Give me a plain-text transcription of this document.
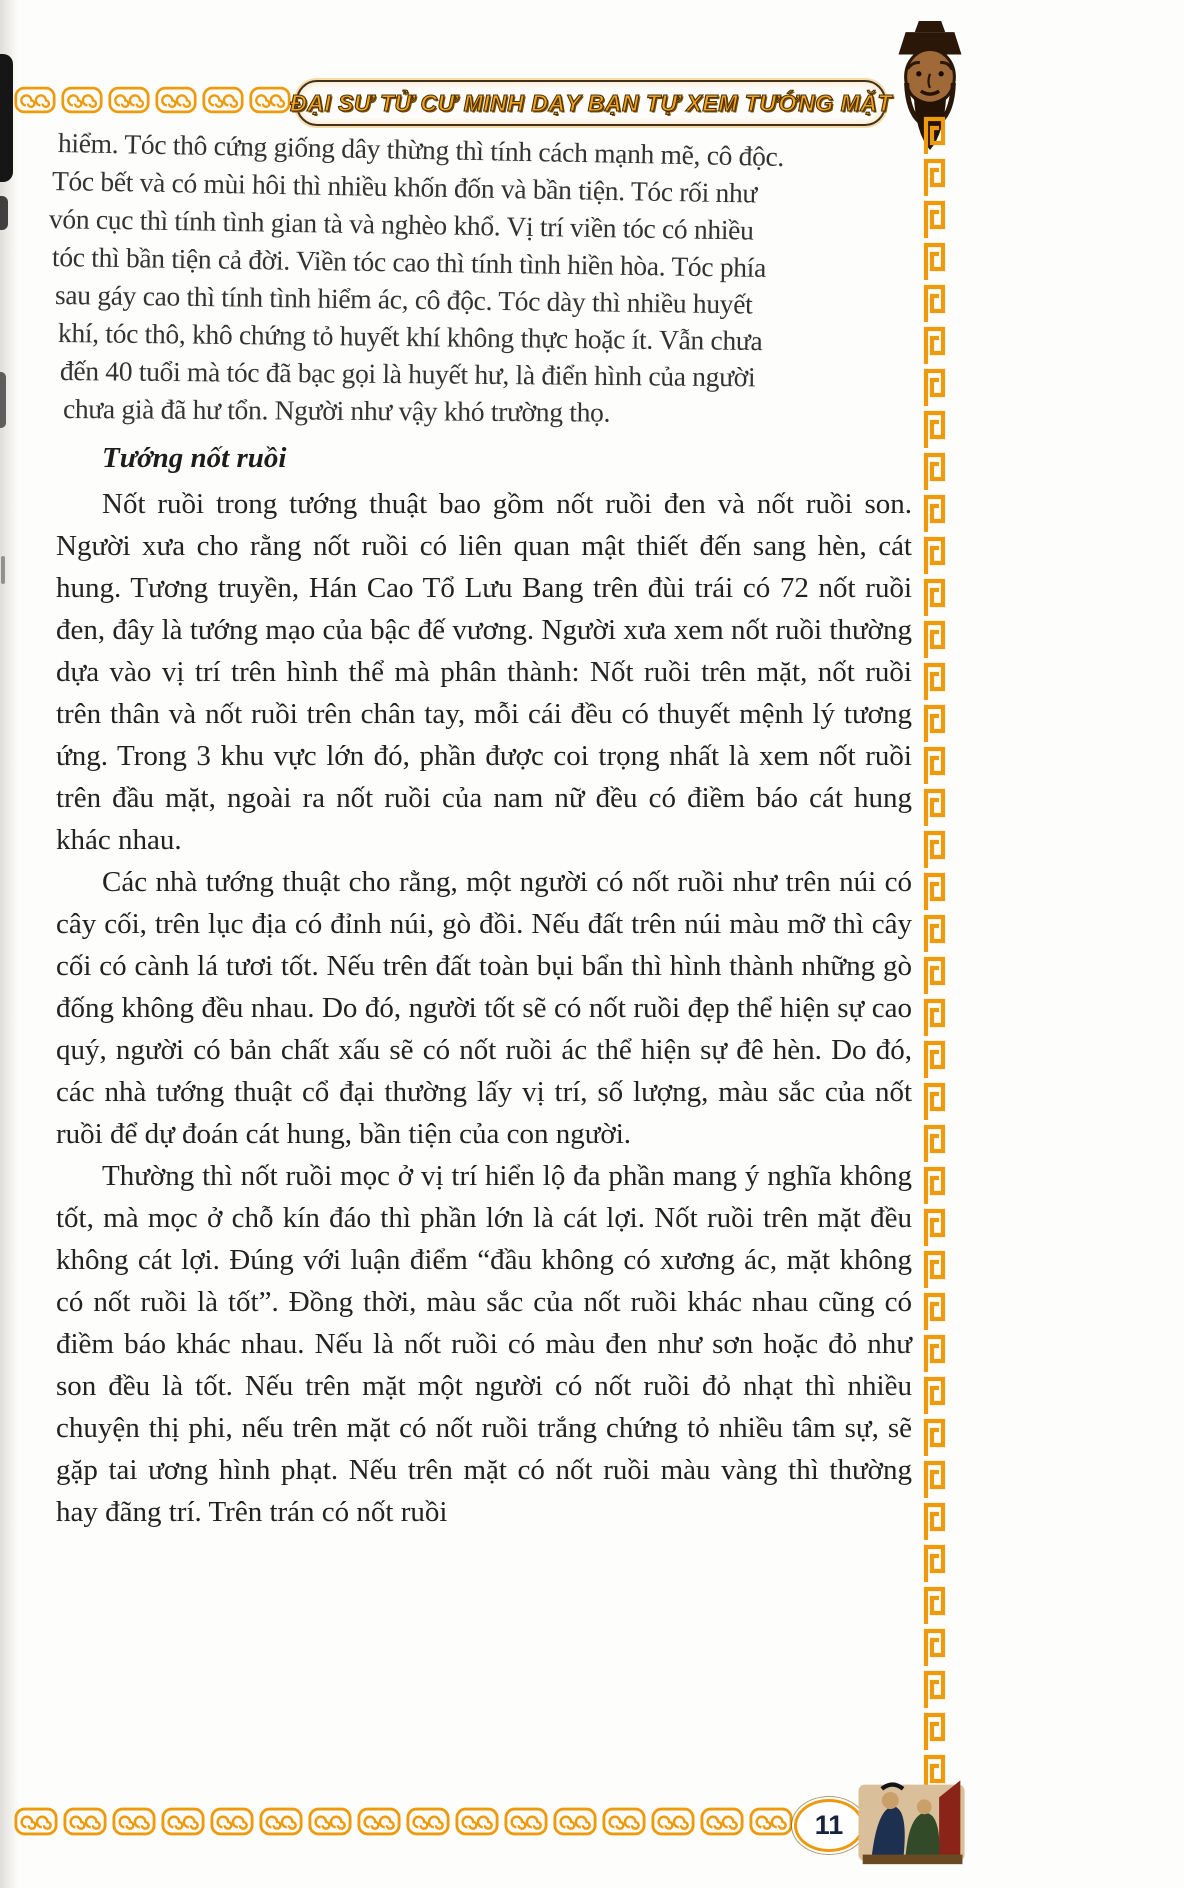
ĐẠI SƯ TỬ CƯ MINH DẠY BẠN TỰ XEM TƯỚNG MẶT
hiểm. Tóc thô cứng giống dây thừng thì tính cách mạnh mẽ, cô độc.
Tóc bết và có mùi hôi thì nhiều khốn đốn và bần tiện. Tóc rối như
vón cục thì tính tình gian tà và nghèo khổ. Vị trí viền tóc có nhiều
tóc thì bần tiện cả đời. Viền tóc cao thì tính tình hiền hòa. Tóc phía
sau gáy cao thì tính tình hiểm ác, cô độc. Tóc dày thì nhiều huyết
khí, tóc thô, khô chứng tỏ huyết khí không thực hoặc ít. Vẫn chưa
đến 40 tuổi mà tóc đã bạc gọi là huyết hư, là điển hình của người
chưa già đã hư tổn. Người như vậy khó trường thọ.
Tướng nốt ruồi

Nốt ruồi trong tướng thuật bao gồm nốt ruồi đen và nốt ruồi son. Người xưa cho rằng nốt ruồi có liên quan mật thiết đến sang hèn, cát hung. Tương truyền, Hán Cao Tổ Lưu Bang trên đùi trái có 72 nốt ruồi đen, đây là tướng mạo của bậc đế vương. Người xưa xem nốt ruồi thường dựa vào vị trí trên hình thể mà phân thành: Nốt ruồi trên mặt, nốt ruồi trên thân và nốt ruồi trên chân tay, mỗi cái đều có thuyết mệnh lý tương ứng. Trong 3 khu vực lớn đó, phần được coi trọng nhất là xem nốt ruồi trên đầu mặt, ngoài ra nốt ruồi của nam nữ đều có điềm báo cát hung khác nhau.

Các nhà tướng thuật cho rằng, một người có nốt ruồi như trên núi có cây cối, trên lục địa có đỉnh núi, gò đồi. Nếu đất trên núi màu mỡ thì cây cối có cành lá tươi tốt. Nếu trên đất toàn bụi bẩn thì hình thành những gò đống không đều nhau. Do đó, người tốt sẽ có nốt ruồi đẹp thể hiện sự cao quý, người có bản chất xấu sẽ có nốt ruồi ác thể hiện sự đê hèn. Do đó, các nhà tướng thuật cổ đại thường lấy vị trí, số lượng, màu sắc của nốt ruồi để dự đoán cát hung, bần tiện của con người.

Thường thì nốt ruồi mọc ở vị trí hiển lộ đa phần mang ý nghĩa không tốt, mà mọc ở chỗ kín đáo thì phần lớn là cát lợi. Nốt ruồi trên mặt đều không cát lợi. Đúng với luận điểm “đầu không có xương ác, mặt không có nốt ruồi là tốt”. Đồng thời, màu sắc của nốt ruồi khác nhau cũng có điềm báo khác nhau. Nếu là nốt ruồi có màu đen như sơn hoặc đỏ như son đều là tốt. Nếu trên mặt một người có nốt ruồi đỏ nhạt thì nhiều chuyện thị phi, nếu trên mặt có nốt ruồi trắng chứng tỏ nhiều tâm sự, sẽ gặp tai ương hình phạt. Nếu trên mặt có nốt ruồi màu vàng thì thường hay đãng trí. Trên trán có nốt ruồi

11
